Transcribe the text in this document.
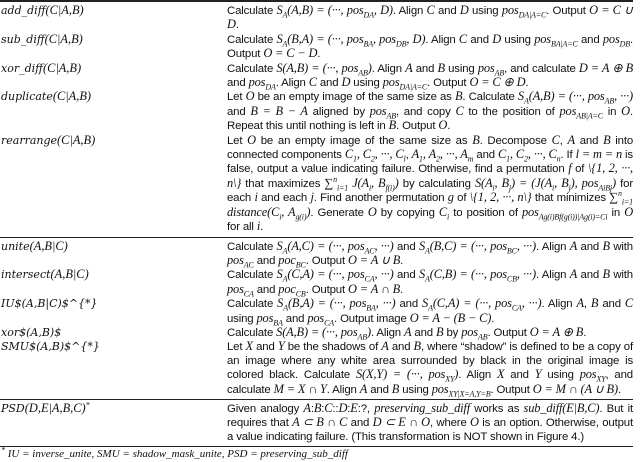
add_diff(C|A,B)	Calculate $S_A(A,B)$ = (···, pos$_{DA}$, D). Align C and D using pos$_{DA|A=C}$. Output O = C ∪ D.
sub_diff(C|A,B)	Calculate $S_A(B,A)$ = (···, pos$_{BA}$, pos$_{DB}$, D). Align C and D using pos$_{BA|A=C}$ and pos$_{DB}$. Output O = C − D.
xor_diff(C|A,B)	Calculate S(A,B) = (···, pos$_{AB}$). Align A and B using pos$_{AB}$, and calculate D = A ⊕ B and pos$_{DA}$. Align C and D using pos$_{DA|A=C}$. Output O = C ⊕ D.
duplicate(C|A,B)	Let O be an empty image of the same size as B. Calculate $S_A(A,B)$ = (···, pos$_{AB}$, ···) and B = B − A aligned by pos$_{AB}$, and copy C to the position of pos$_{AB|A=C}$ in O. Repeat this until nothing is left in B. Output O.
rearrange(C|A,B)	Let O be an empty image of the same size as B. Decompose C, A and B into connected components $C_1$, $C_2$, ···, $C_l$, $A_1$, $A_2$, ···, $A_m$ and $C_1$, $C_2$, ···, $C_n$. If l = m = n is false, output a value indicating failure. Otherwise, find a permutation f of \{1, 2, ···, n\} that maximizes ∑$^n_{i=1}$ $J(A_i$, $B_{f(i)}$) by calculating $S(A_i$, $B_j) = (J(A_i$, $B_j$), pos$_{AiBj}$) for each i and each j. Find another permutation g of \{1, 2, ···, n\} that minimizes ∑$^n_{i=1}$ $distance(C_i$, $A_{g(i)}$). Generate O by copying $C_i$ to position of pos$_{Ag(i)Bf(g(i))|Ag(i)=Ci}$ in O for all i.
unite(A,B|C)	Calculate $S_A(A,C)$ = (···, pos$_{AC}$, ···) and $S_A(B,C)$ = (···, pos$_{BC}$, ···). Align A and B with pos$_{AC}$ and poc$_{BC}$. Output O = A ∪ B.
intersect(A,B|C)	Calculate $S_A(C,A)$ = (···, pos$_{CA}$, ···) and $S_A(C,B)$ = (···, pos$_{CB}$, ···). Align A and B with pos$_{CA}$ and poc$_{CB}$. Output O = A ∩ B.
IU$(A,B|C)$^{*}	Calculate $S_A(B,A)$ = (···, pos$_{BA}$, ···) and $S_A(C,A)$ = (···, pos$_{CA}$, ···). Align A, B and C using pos$_{BA}$ and pos$_{CA}$. Output image O = A − (B − C).
xor$(A,B)$	Calculate S(A,B) = (···, pos$_{AB}$). Align A and B by pos$_{AB}$. Output O = A ⊕ B.
SMU$(A,B)$^{*}	Let X and Y be the shadows of A and B, where “shadow” is defined to be a copy of an image where any white area surrounded by black in the original image is colored black. Calculate S(X,Y) = (···, pos$_{XY}$). Align X and Y using pos$_{XY}$, and calculate M = X ∩ Y. Align A and B using pos$_{XY|X=A,Y=B}$. Output O = M ∩ (A ∪ B).
PSD(D,E|A,B,C)*	Given analogy A:B:C::D:E:?, preserving_sub_diff works as sub_diff(E|B,C). But it requires that A ⊂ B ∩ C and D ⊂ E ∩ O, where O is an option. Otherwise, output a value indicating failure. (This transformation is NOT shown in Figure 4.)
* IU = inverse_unite, SMU = shadow_mask_unite, PSD = preserving_sub_diff
